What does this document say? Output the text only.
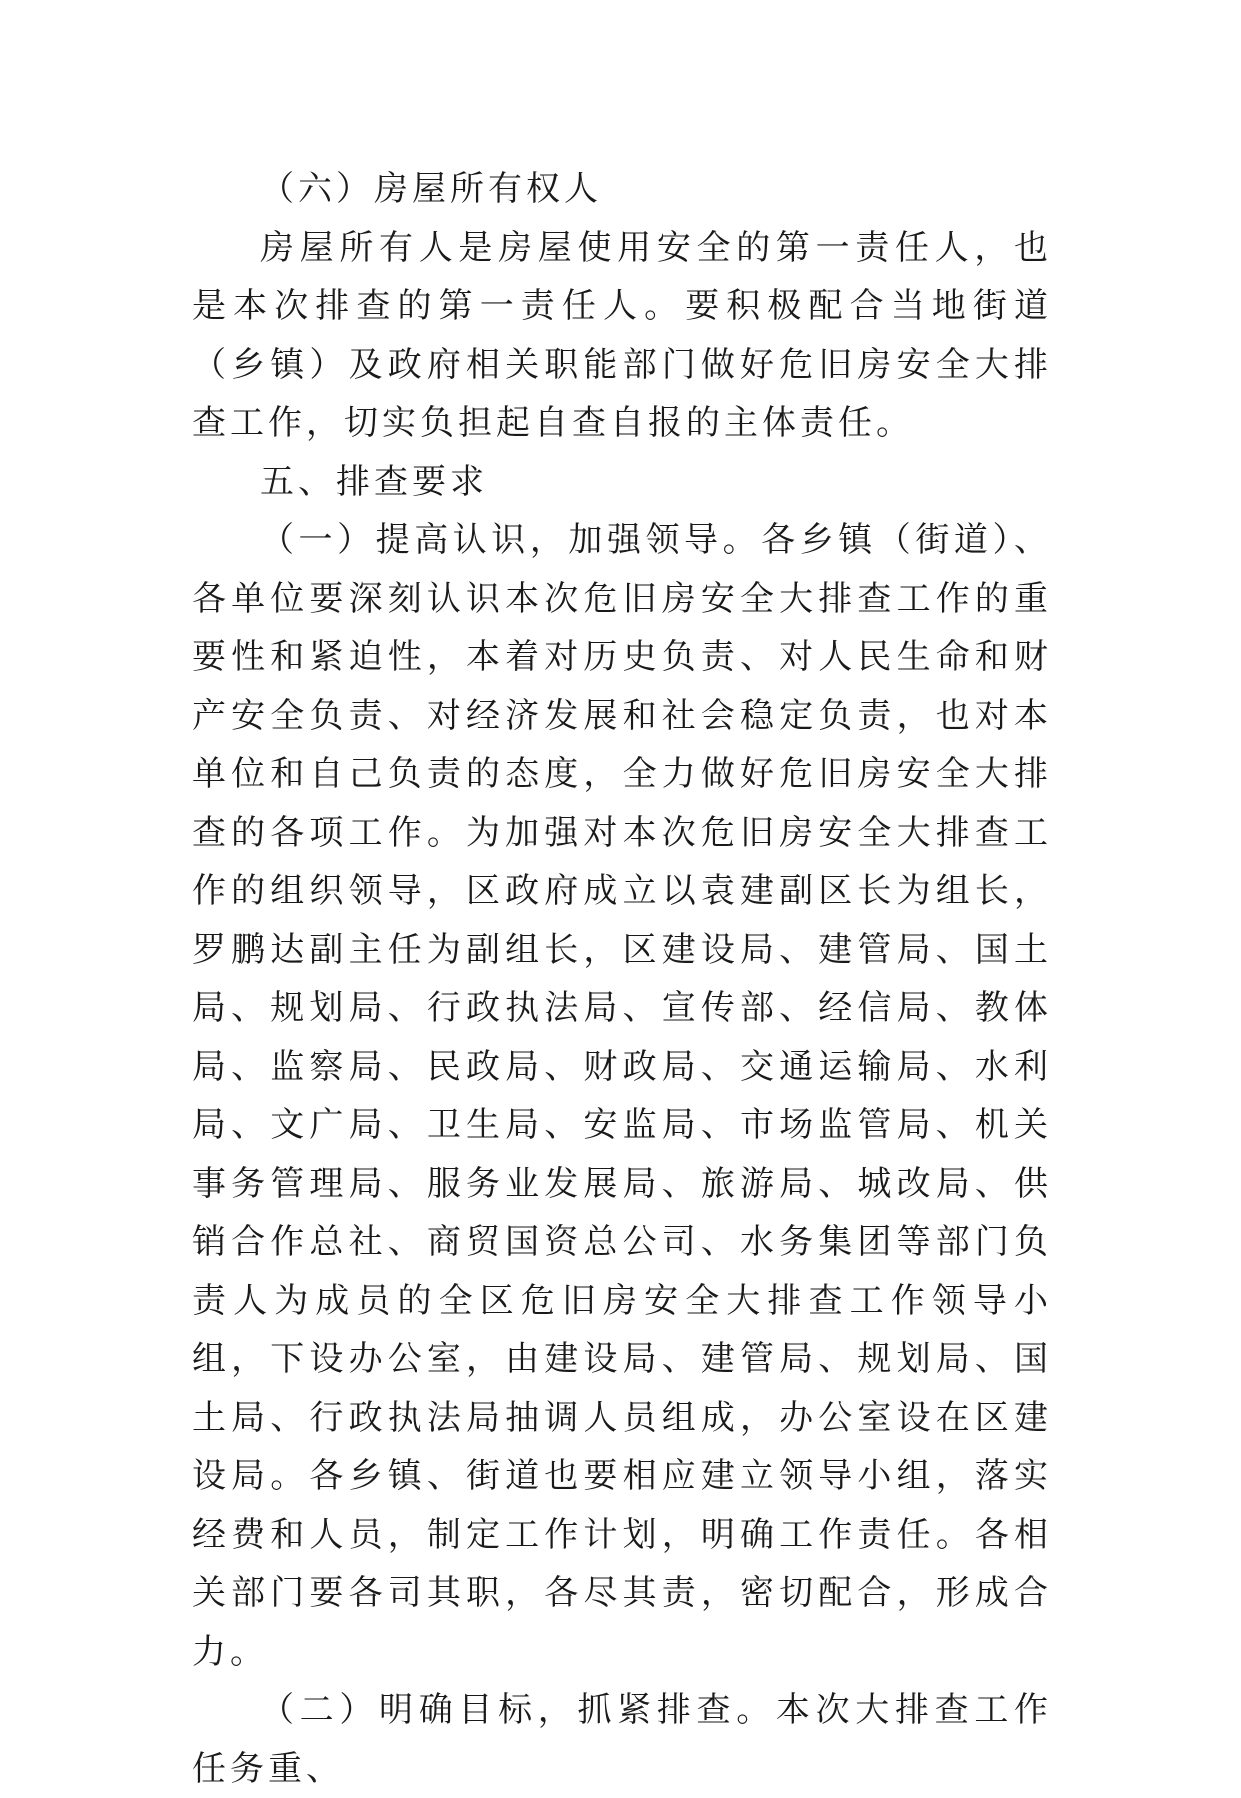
（六）房屋所有权人

房屋所有人是房屋使用安全的第一责任人，也是本次排查的第一责任人。要积极配合当地街道（乡镇）及政府相关职能部门做好危旧房安全大排查工作，切实负担起自查自报的主体责任。

五、排查要求

（一）提高认识，加强领导。各乡镇（街道）、各单位要深刻认识本次危旧房安全大排查工作的重要性和紧迫性，本着对历史负责、对人民生命和财产安全负责、对经济发展和社会稳定负责，也对本单位和自己负责的态度，全力做好危旧房安全大排查的各项工作。为加强对本次危旧房安全大排查工作的组织领导，区政府成立以袁建副区长为组长，罗鹏达副主任为副组长，区建设局、建管局、国土局、规划局、行政执法局、宣传部、经信局、教体局、监察局、民政局、财政局、交通运输局、水利局、文广局、卫生局、安监局、市场监管局、机关事务管理局、服务业发展局、旅游局、城改局、供销合作总社、商贸国资总公司、水务集团等部门负责人为成员的全区危旧房安全大排查工作领导小组，下设办公室，由建设局、建管局、规划局、国土局、行政执法局抽调人员组成，办公室设在区建设局。各乡镇、街道也要相应建立领导小组，落实经费和人员，制定工作计划，明确工作责任。各相关部门要各司其职，各尽其责，密切配合，形成合力。

（二）明确目标，抓紧排查。本次大排查工作任务重、
